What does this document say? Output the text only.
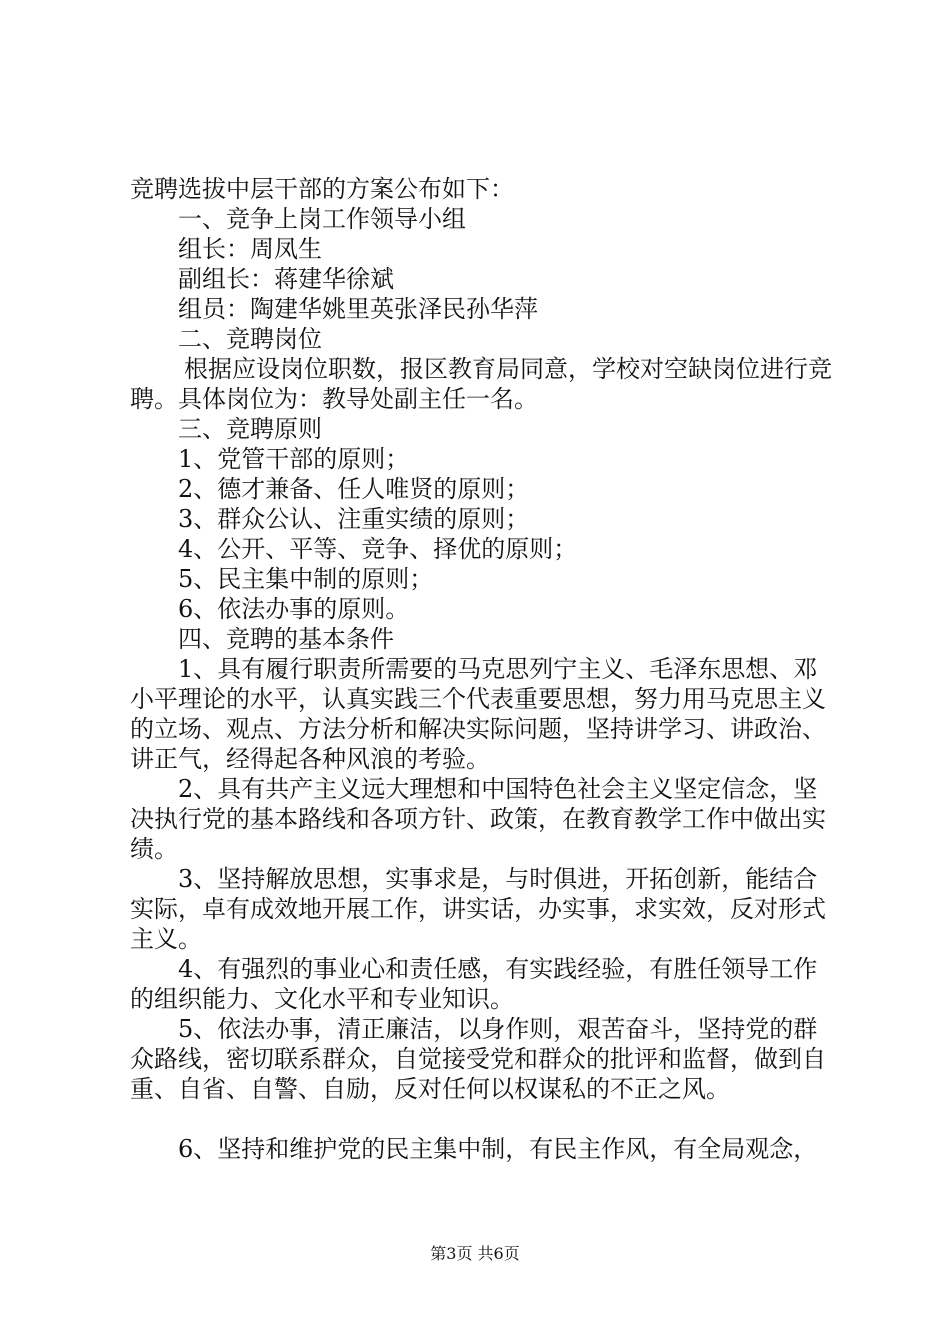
竞聘选拔中层干部的方案公布如下：

一、竞争上岗工作领导小组

组长：周凤生

副组长：蒋建华徐斌

组员：陶建华姚里英张泽民孙华萍

二、竞聘岗位

根据应设岗位职数，报区教育局同意，学校对空缺岗位进行竞聘。具体岗位为：教导处副主任一名。

三、竞聘原则

1、党管干部的原则；

2、德才兼备、任人唯贤的原则；

3、群众公认、注重实绩的原则；

4、公开、平等、竞争、择优的原则；

5、民主集中制的原则；

6、依法办事的原则。

四、竞聘的基本条件

1、具有履行职责所需要的马克思列宁主义、毛泽东思想、邓小平理论的水平，认真实践三个代表重要思想，努力用马克思主义的立场、观点、方法分析和解决实际问题，坚持讲学习、讲政治、讲正气，经得起各种风浪的考验。

2、具有共产主义远大理想和中国特色社会主义坚定信念，坚决执行党的基本路线和各项方针、政策，在教育教学工作中做出实绩。

3、坚持解放思想，实事求是，与时俱进，开拓创新，能结合实际，卓有成效地开展工作，讲实话，办实事，求实效，反对形式主义。

4、有强烈的事业心和责任感，有实践经验，有胜任领导工作的组织能力、文化水平和专业知识。

5、依法办事，清正廉洁，以身作则，艰苦奋斗，坚持党的群众路线，密切联系群众，自觉接受党和群众的批评和监督，做到自重、自省、自警、自励，反对任何以权谋私的不正之风。

6、坚持和维护党的民主集中制，有民主作风，有全局观念，

第3页 共6页
